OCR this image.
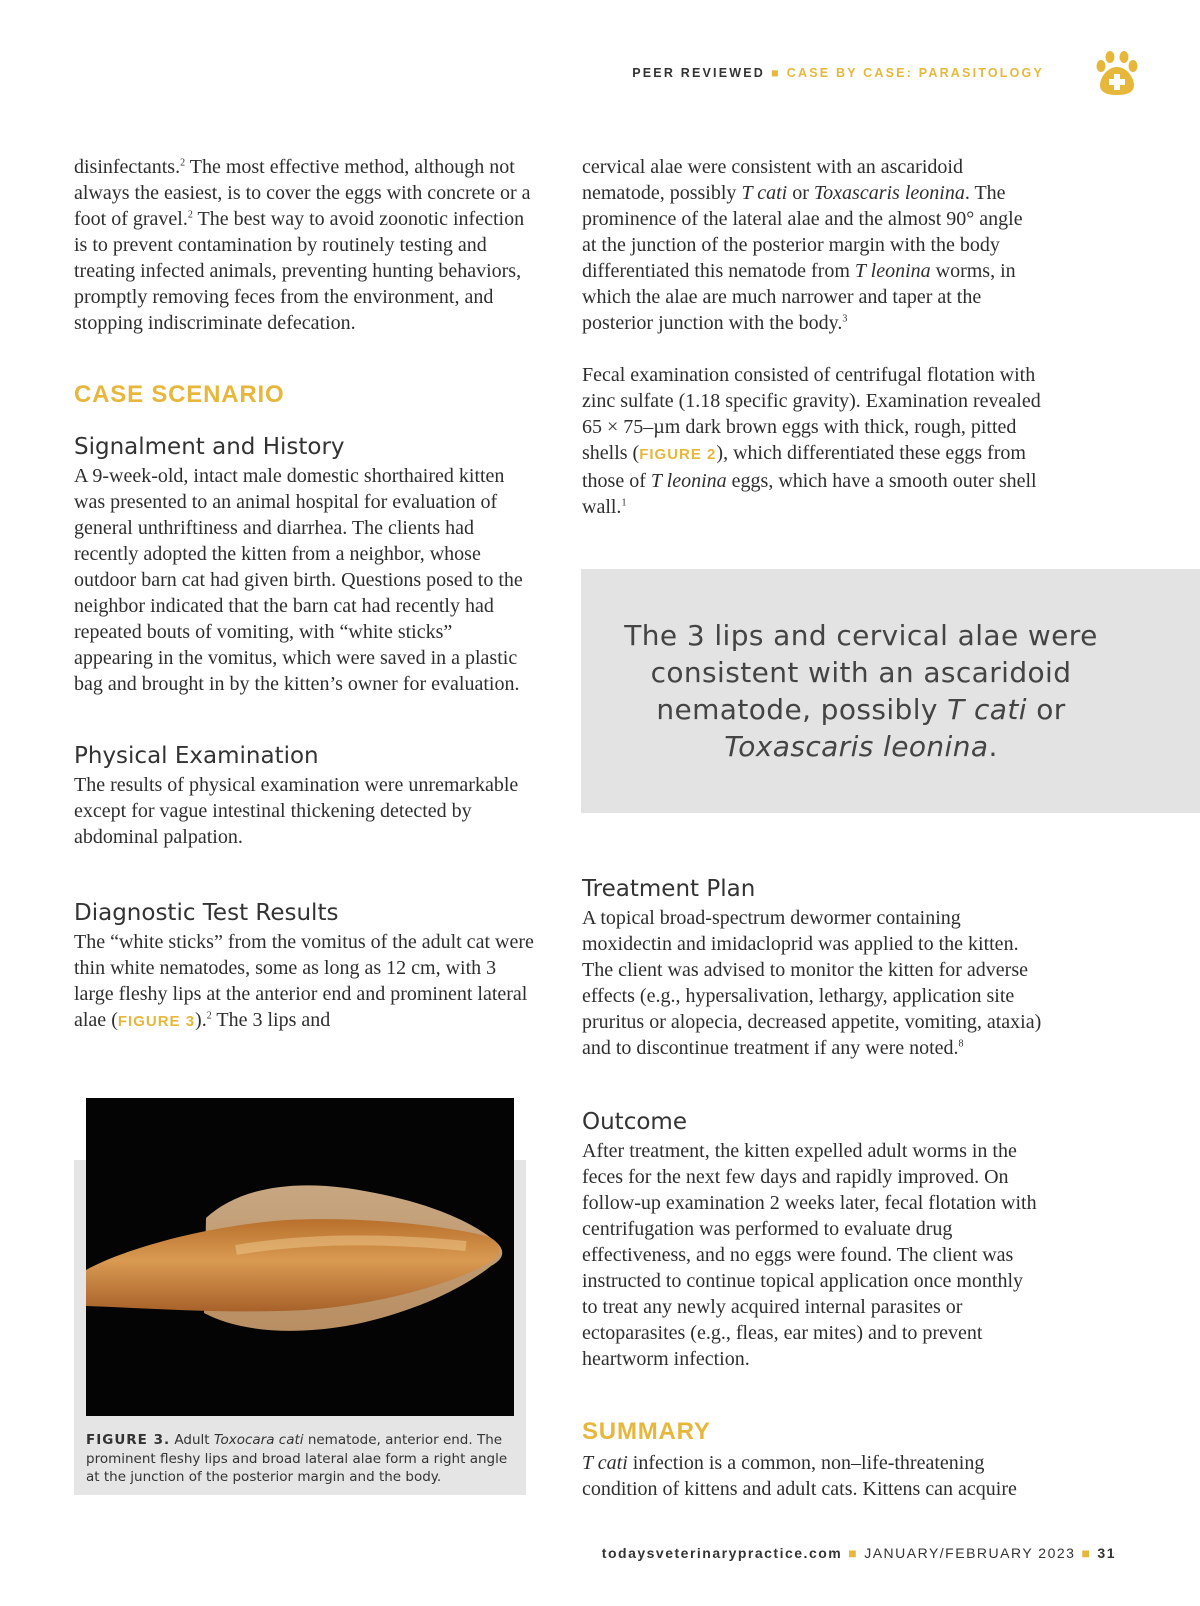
PEER REVIEWED ■ CASE BY CASE: PARASITOLOGY

disinfectants.$^2$ The most effective method, although not always the easiest, is to cover the eggs with concrete or a foot of gravel.$^2$ The best way to avoid zoonotic infection is to prevent contamination by routinely testing and treating infected animals, preventing hunting behaviors, promptly removing feces from the environment, and stopping indiscriminate defecation.

CASE SCENARIO
Signalment and History

A 9-week-old, intact male domestic shorthaired kitten was presented to an animal hospital for evaluation of general unthriftiness and diarrhea. The clients had recently adopted the kitten from a neighbor, whose outdoor barn cat had given birth. Questions posed to the neighbor indicated that the barn cat had recently had repeated bouts of vomiting, with “white sticks” appearing in the vomitus, which were saved in a plastic bag and brought in by the kitten’s owner for evaluation.

Physical Examination

The results of physical examination were unremarkable except for vague intestinal thickening detected by abdominal palpation.

Diagnostic Test Results

The “white sticks” from the vomitus of the adult cat were thin white nematodes, some as long as 12 cm, with 3 large fleshy lips at the anterior end and prominent lateral alae (FIGURE 3).$^2$ The 3 lips and

FIGURE 3. Adult Toxocara cati nematode, anterior end. The prominent fleshy lips and broad lateral alae form a right angle at the junction of the posterior margin and the body.

cervical alae were consistent with an ascaridoid nematode, possibly T cati or Toxascaris leonina. The prominence of the lateral alae and the almost 90° angle at the junction of the posterior margin with the body differentiated this nematode from T leonina worms, in which the alae are much narrower and taper at the posterior junction with the body.$^3$

Fecal examination consisted of centrifugal flotation with zinc sulfate (1.18 specific gravity). Examination revealed 65 × 75–µm dark brown eggs with thick, rough, pitted shells (FIGURE 2), which differentiated these eggs from those of T leonina eggs, which have a smooth outer shell wall.$^1$

The 3 lips and cervical alae were consistent with an ascaridoid nematode, possibly T cati or Toxascaris leonina.

Treatment Plan

A topical broad-spectrum dewormer containing moxidectin and imidacloprid was applied to the kitten. The client was advised to monitor the kitten for adverse effects (e.g., hypersalivation, lethargy, application site pruritus or alopecia, decreased appetite, vomiting, ataxia) and to discontinue treatment if any were noted.$^8$

Outcome

After treatment, the kitten expelled adult worms in the feces for the next few days and rapidly improved. On follow-up examination 2 weeks later, fecal flotation with centrifugation was performed to evaluate drug effectiveness, and no eggs were found. The client was instructed to continue topical application once monthly to treat any newly acquired internal parasites or ectoparasites (e.g., fleas, ear mites) and to prevent heartworm infection.

SUMMARY

T cati infection is a common, non–life-threatening condition of kittens and adult cats. Kittens can acquire

todaysveterinarypractice.com ■ JANUARY/FEBRUARY 2023 ■ 31
